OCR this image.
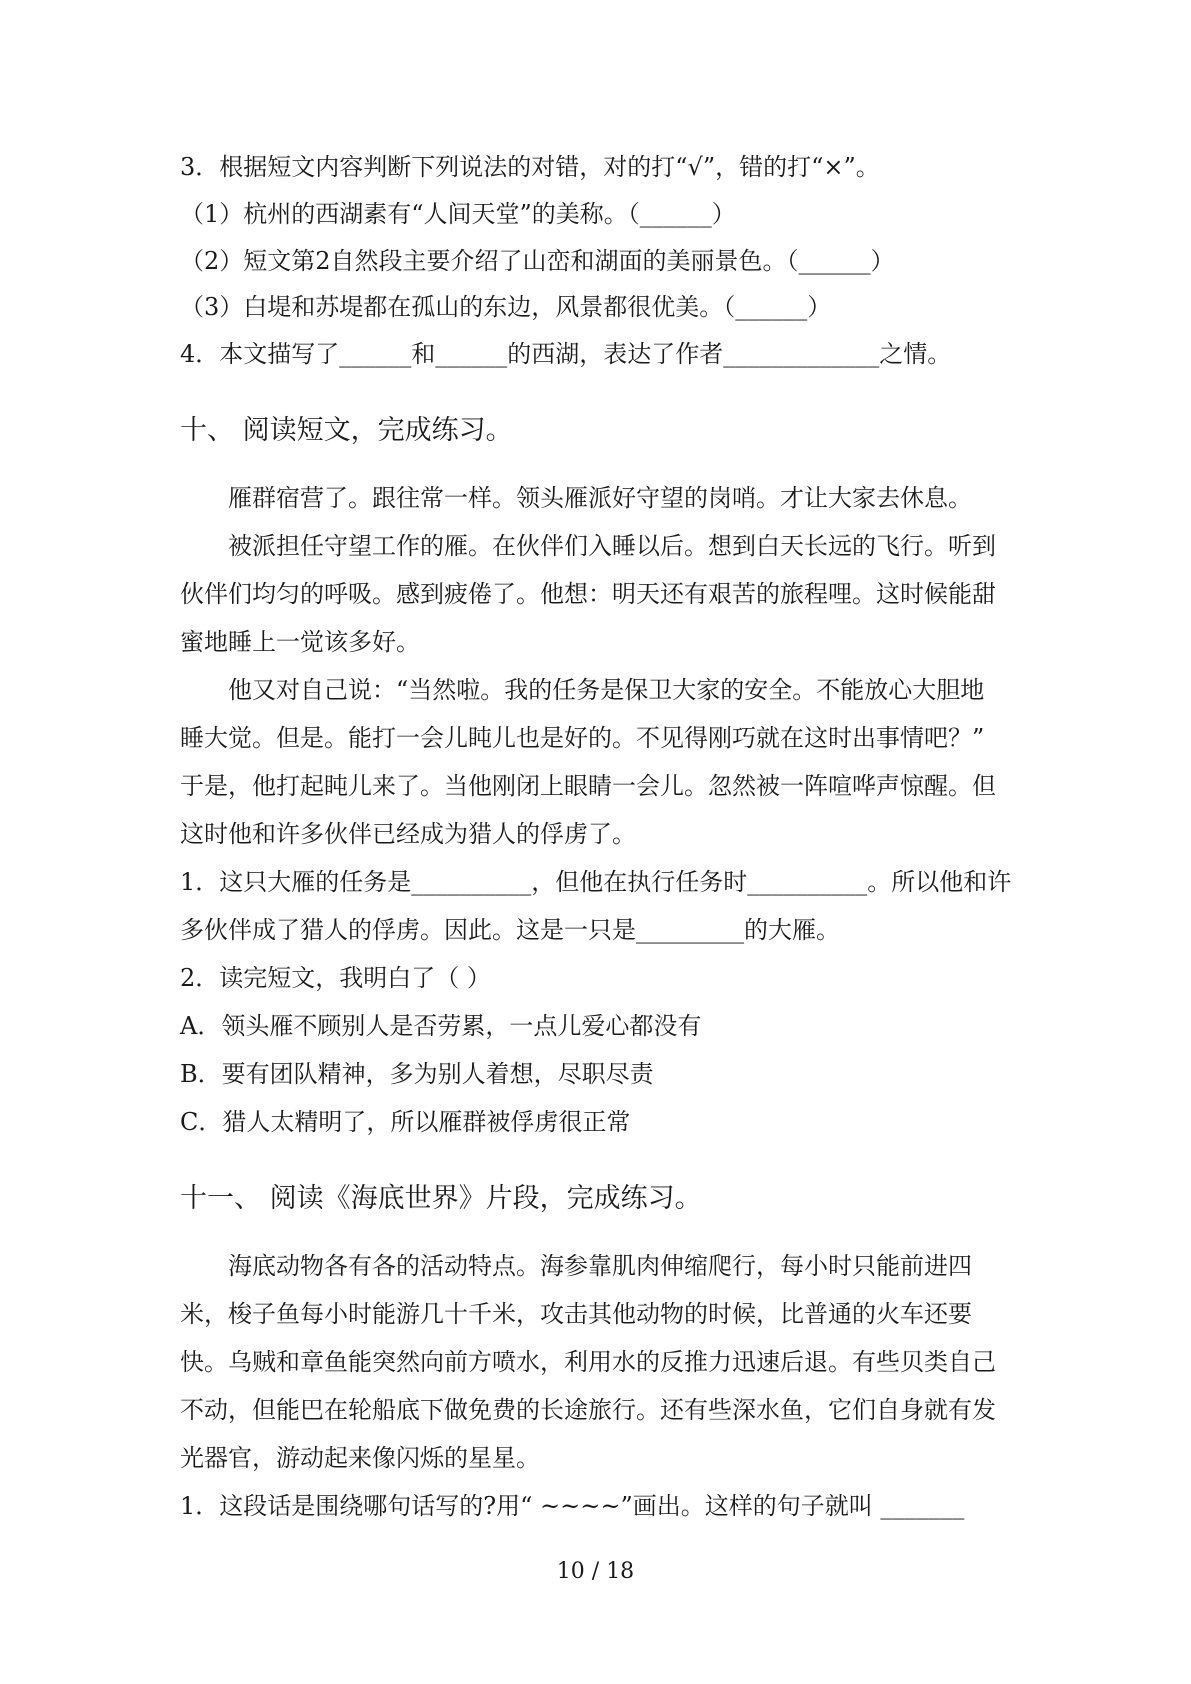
3．根据短文内容判断下列说法的对错，对的打“√”，错的打“×”。
（1）杭州的西湖素有“人间天堂”的美称。（______）
（2）短文第2自然段主要介绍了山峦和湖面的美丽景色。（______）
（3）白堤和苏堤都在孤山的东边，风景都很优美。（______）
4．本文描写了______和______的西湖，表达了作者_____________之情。
十、 阅读短文，完成练习。
雁群宿营了。跟往常一样。领头雁派好守望的岗哨。才让大家去休息。
被派担任守望工作的雁。在伙伴们入睡以后。想到白天长远的飞行。听到
伙伴们均匀的呼吸。感到疲倦了。他想：明天还有艰苦的旅程哩。这时候能甜
蜜地睡上一觉该多好。
他又对自己说：“当然啦。我的任务是保卫大家的安全。不能放心大胆地
睡大觉。但是。能打一会儿盹儿也是好的。不见得刚巧就在这时出事情吧？”
于是，他打起盹儿来了。当他刚闭上眼睛一会儿。忽然被一阵喧哗声惊醒。但
这时他和许多伙伴已经成为猎人的俘虏了。
1．这只大雁的任务是__________，但他在执行任务时__________。所以他和许
多伙伴成了猎人的俘虏。因此。这是一只是_________的大雁。
2．读完短文，我明白了（ ）
A．领头雁不顾别人是否劳累，一点儿爱心都没有
B．要有团队精神，多为别人着想，尽职尽责
C．猎人太精明了，所以雁群被俘虏很正常
十一、 阅读《海底世界》片段，完成练习。
海底动物各有各的活动特点。海参靠肌肉伸缩爬行，每小时只能前进四
米，梭子鱼每小时能游几十千米，攻击其他动物的时候，比普通的火车还要
快。乌贼和章鱼能突然向前方喷水，利用水的反推力迅速后退。有些贝类自己
不动，但能巴在轮船底下做免费的长途旅行。还有些深水鱼，它们自身就有发
光器官，游动起来像闪烁的星星。
1．这段话是围绕哪句话写的?用“ ~~~~”画出。这样的句子就叫 _______
10 / 18
